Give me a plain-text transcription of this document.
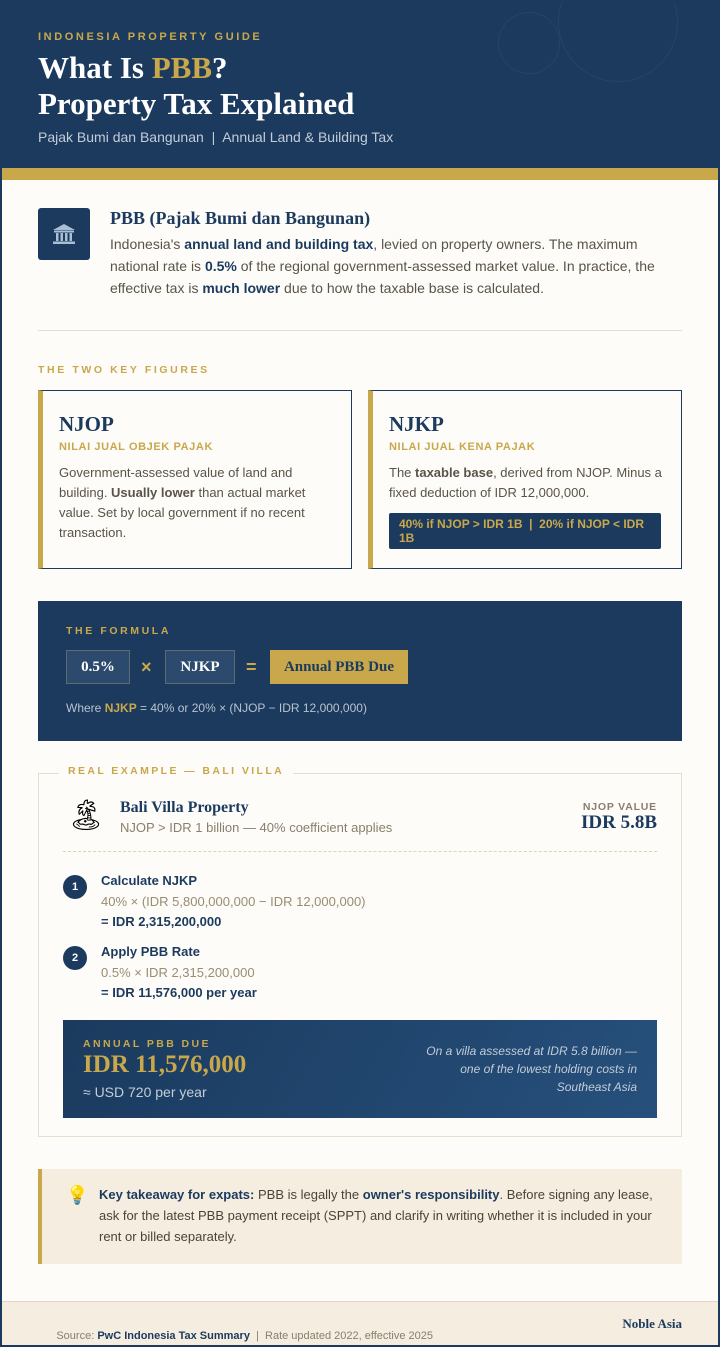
INDONESIA PROPERTY GUIDE
What Is PBB?
Property Tax Explained
Pajak Bumi dan Bangunan  |  Annual Land & Building Tax
PBB (Pajak Bumi dan Bangunan)

Indonesia's annual land and building tax, levied on property owners. The maximum national rate is 0.5% of the regional government-assessed market value. In practice, the effective tax is much lower due to how the taxable base is calculated.

THE TWO KEY FIGURES
NJOP
NILAI JUAL OBJEK PAJAK

Government-assessed value of land and building. Usually lower than actual market value. Set by local government if no recent transaction.

NJKP
NILAI JUAL KENA PAJAK

The taxable base, derived from NJOP. Minus a fixed deduction of IDR 12,000,000.

40% if NJOP > IDR 1B  |  20% if NJOP < IDR 1B
THE FORMULA
0.5%	×	NJKP	=	Annual PBB Due
Where NJKP = 40% or 20% × (NJOP − IDR 12,000,000)
REAL EXAMPLE — BALI VILLA
🏝 Bali Villa Property
NJOP > IDR 1 billion — 40% coefficient applies
NJOP VALUE
IDR 5.8B
1	Calculate NJKP
40% × (IDR 5,800,000,000 − IDR 12,000,000)
= IDR 2,315,200,000
2	Apply PBB Rate
0.5% × IDR 2,315,200,000
= IDR 11,576,000 per year
ANNUAL PBB DUE
IDR 11,576,000
≈ USD 720 per year
On a villa assessed at IDR 5.8 billion — one of the lowest holding costs in Southeast Asia
💡 Key takeaway for expats: PBB is legally the owner's responsibility. Before signing any lease, ask for the latest PBB payment receipt (SPPT) and clarify in writing whether it is included in your rent or billed separately.

Source: PwC Indonesia Tax Summary  |  Rate updated 2022, effective 2025

Noble Asia
